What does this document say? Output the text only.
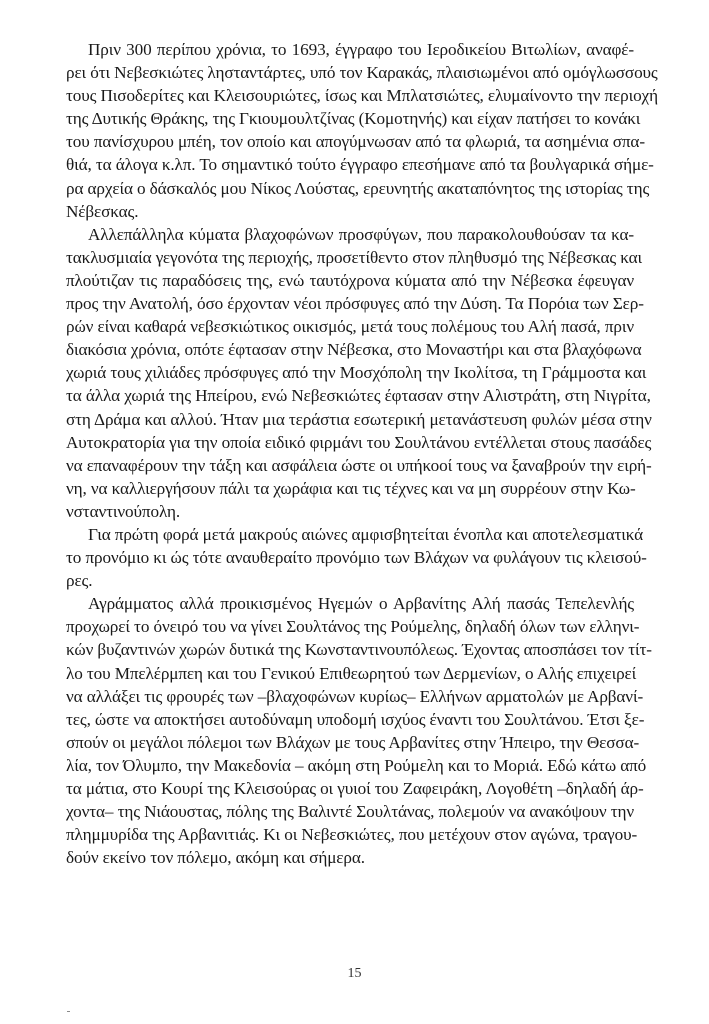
Πριν 300 περίπου χρόνια, το 1693, έγγραφο του Ιεροδικείου Βιτωλίων, αναφέ-
ρει ότι Νεβεσκιώτες λησταντάρτες, υπό τον Καρακάς, πλαισιωμένοι από ομόγλωσσους
τους Πισοδερίτες και Κλεισουριώτες, ίσως και Μπλατσιώτες, ελυμαίνοντο την περιοχή
της Δυτικής Θράκης, της Γκιουμουλτζίνας (Κομοτηνής) και είχαν πατήσει το κονάκι
του πανίσχυρου μπέη, τον οποίο και απογύμνωσαν από τα φλωριά, τα ασημένια σπα-
θιά, τα άλογα κ.λπ. Το σημαντικό τούτο έγγραφο επεσήμανε από τα βουλγαρικά σήμε-
ρα αρχεία ο δάσκαλός μου Νίκος Λούστας, ερευνητής ακαταπόνητος της ιστορίας της
Νέβεσκας.
Αλλεπάλληλα κύματα βλαχοφώνων προσφύγων, που παρακολουθούσαν τα κα-
τακλυσμιαία γεγονότα της περιοχής, προσετίθεντο στον πληθυσμό της Νέβεσκας και
πλούτιζαν τις παραδόσεις της, ενώ ταυτόχρονα κύματα από την Νέβεσκα έφευγαν
προς την Ανατολή, όσο έρχονταν νέοι πρόσφυγες από την Δύση. Τα Πορόια των Σερ-
ρών είναι καθαρά νεβεσκιώτικος οικισμός, μετά τους πολέμους του Αλή πασά, πριν
διακόσια χρόνια, οπότε έφτασαν στην Νέβεσκα, στο Μοναστήρι και στα βλαχόφωνα
χωριά τους χιλιάδες πρόσφυγες από την Μοσχόπολη την Ικολίτσα, τη Γράμμοστα και
τα άλλα χωριά της Ηπείρου, ενώ Νεβεσκιώτες έφτασαν στην Αλιστράτη, στη Νιγρίτα,
στη Δράμα και αλλού. Ήταν μια τεράστια εσωτερική μετανάστευση φυλών μέσα στην
Αυτοκρατορία για την οποία ειδικό φιρμάνι του Σουλτάνου εντέλλεται στους πασάδες
να επαναφέρουν την τάξη και ασφάλεια ώστε οι υπήκοοί τους να ξαναβρούν την ειρή-
νη, να καλλιεργήσουν πάλι τα χωράφια και τις τέχνες και να μη συρρέουν στην Κω-
νσταντινούπολη.
Για πρώτη φορά μετά μακρούς αιώνες αμφισβητείται ένοπλα και αποτελεσματικά
το προνόμιο κι ώς τότε αναυθεραίτο προνόμιο των Βλάχων να φυλάγουν τις κλεισού-
ρες.
Αγράμματος αλλά προικισμένος Ηγεμών ο Αρβανίτης Αλή πασάς Τεπελενλής
προχωρεί το όνειρό του να γίνει Σουλτάνος της Ρούμελης, δηλαδή όλων των ελληνι-
κών βυζαντινών χωρών δυτικά της Κωνσταντινουπόλεως. Έχοντας αποσπάσει τον τίτ-
λο του Μπελέρμπεη και του Γενικού Επιθεωρητού των Δερμενίων, ο Αλής επιχειρεί
να αλλάξει τις φρουρές των –βλαχοφώνων κυρίως– Ελλήνων αρματολών με Αρβανί-
τες, ώστε να αποκτήσει αυτοδύναμη υποδομή ισχύος έναντι του Σουλτάνου. Έτσι ξε-
σπούν οι μεγάλοι πόλεμοι των Βλάχων με τους Αρβανίτες στην Ήπειρο, την Θεσσα-
λία, τον Όλυμπο, την Μακεδονία – ακόμη στη Ρούμελη και το Μοριά. Εδώ κάτω από
τα μάτια, στο Κουρί της Κλεισούρας οι γυιοί του Ζαφειράκη, Λογοθέτη –δηλαδή άρ-
χοντα– της Νιάουστας, πόλης της Βαλιντέ Σουλτάνας, πολεμούν να ανακόψουν την
πλημμυρίδα της Αρβανιτιάς. Κι οι Νεβεσκιώτες, που μετέχουν στον αγώνα, τραγου-
δούν εκείνο τον πόλεμο, ακόμη και σήμερα.
15
